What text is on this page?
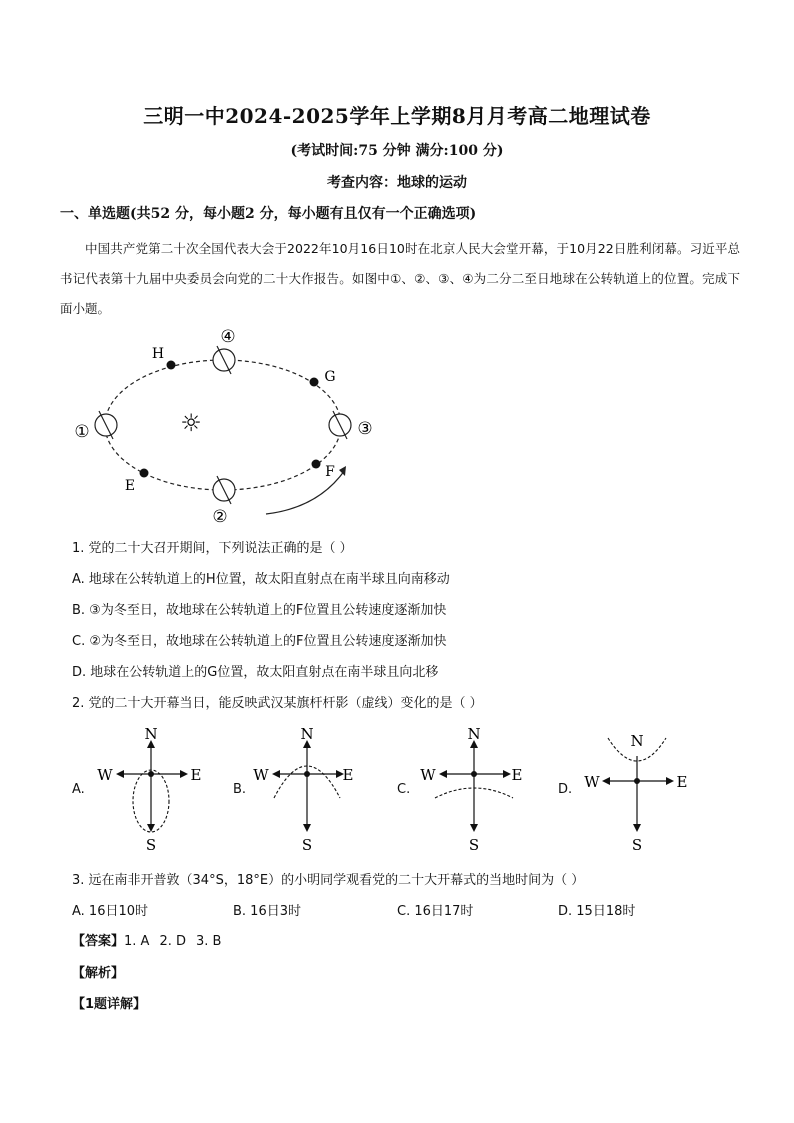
三明一中2024-2025学年上学期8月月考高二地理试卷
(考试时间:75 分钟 满分:100 分)
考查内容：地球的运动
一、单选题(共52 分，每小题2 分，每小题有且仅有一个正确选项)
中国共产党第二十次全国代表大会于2022年10月16日10时在北京人民大会堂开幕，于10月22日胜利闭幕。习近平总书记代表第十九届中央委员会向党的二十大作报告。如图中①、②、③、④为二分二至日地球在公转轨道上的位置。完成下面小题。
☼
④
②
①	③
H
G
E
F
1. 党的二十大召开期间，下列说法正确的是（ ）
A. 地球在公转轨道上的H位置，故太阳直射点在南半球且向南移动
B. ③为冬至日，故地球在公转轨道上的F位置且公转速度逐渐加快
C. ②为冬至日，故地球在公转轨道上的F位置且公转速度逐渐加快
D. 地球在公转轨道上的G位置，故太阳直射点在南半球且向北移
2. 党的二十大开幕当日，能反映武汉某旗杆杆影（虚线）变化的是（ ）
A.
N
S
W	E
B.
N
S
W	E
C.
N
S
W	E
D.
N
S
W	E
3. 远在南非开普敦（34°S，18°E）的小明同学观看党的二十大开幕式的当地时间为（ ）
A. 16日10时	B. 16日3时	C. 16日17时	D. 15日18时
【答案】1. A 2. D 3. B
【解析】
【1题详解】
